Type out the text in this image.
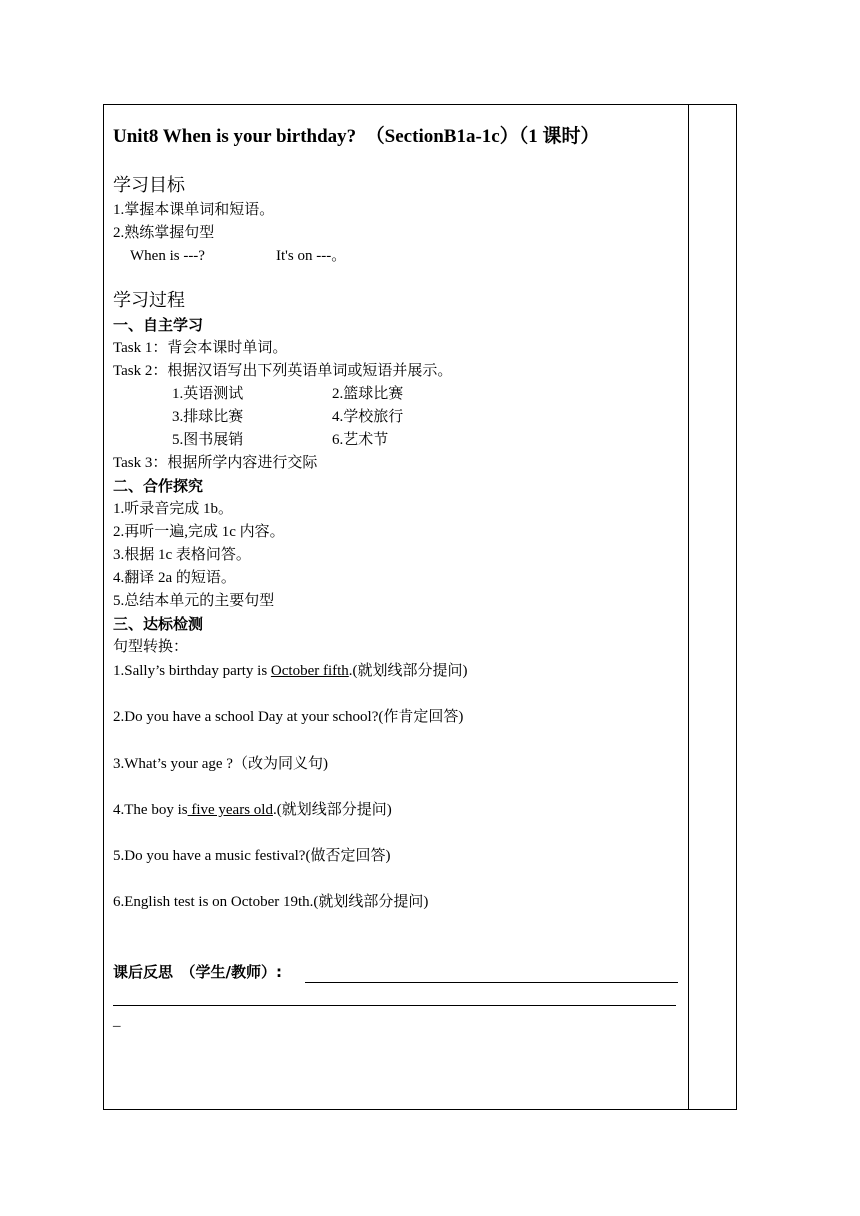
Unit8 When is your birthday?　（SectionB1a-1c）（1 课时）
学习目标
1.掌握本课单词和短语。
2.熟练掌握句型
When is ---?	It's on ---。
学习过程
一、自主学习
Task 1：背会本课时单词。
Task 2：根据汉语写出下列英语单词或短语并展示。
1.英语测试	2.篮球比赛
3.排球比赛	4.学校旅行
5.图书展销	6.艺术节
Task 3：根据所学内容进行交际
二、合作探究
1.听录音完成 1b。
2.再听一遍,完成 1c 内容。
3.根据 1c 表格问答。
4.翻译 2a 的短语。
5.总结本单元的主要句型
三、达标检测
句型转换：
1.Sally’s birthday party is October fifth.(就划线部分提问)
2.Do you have a school Day at your school?(作肯定回答)
3.What’s your age ?（改为同义句)
4.The boy is five years old.(就划线部分提问)
5.Do you have a music festival?(做否定回答)
6.English test is on October 19th.(就划线部分提问)
课后反思　（学生/教师）:
_
